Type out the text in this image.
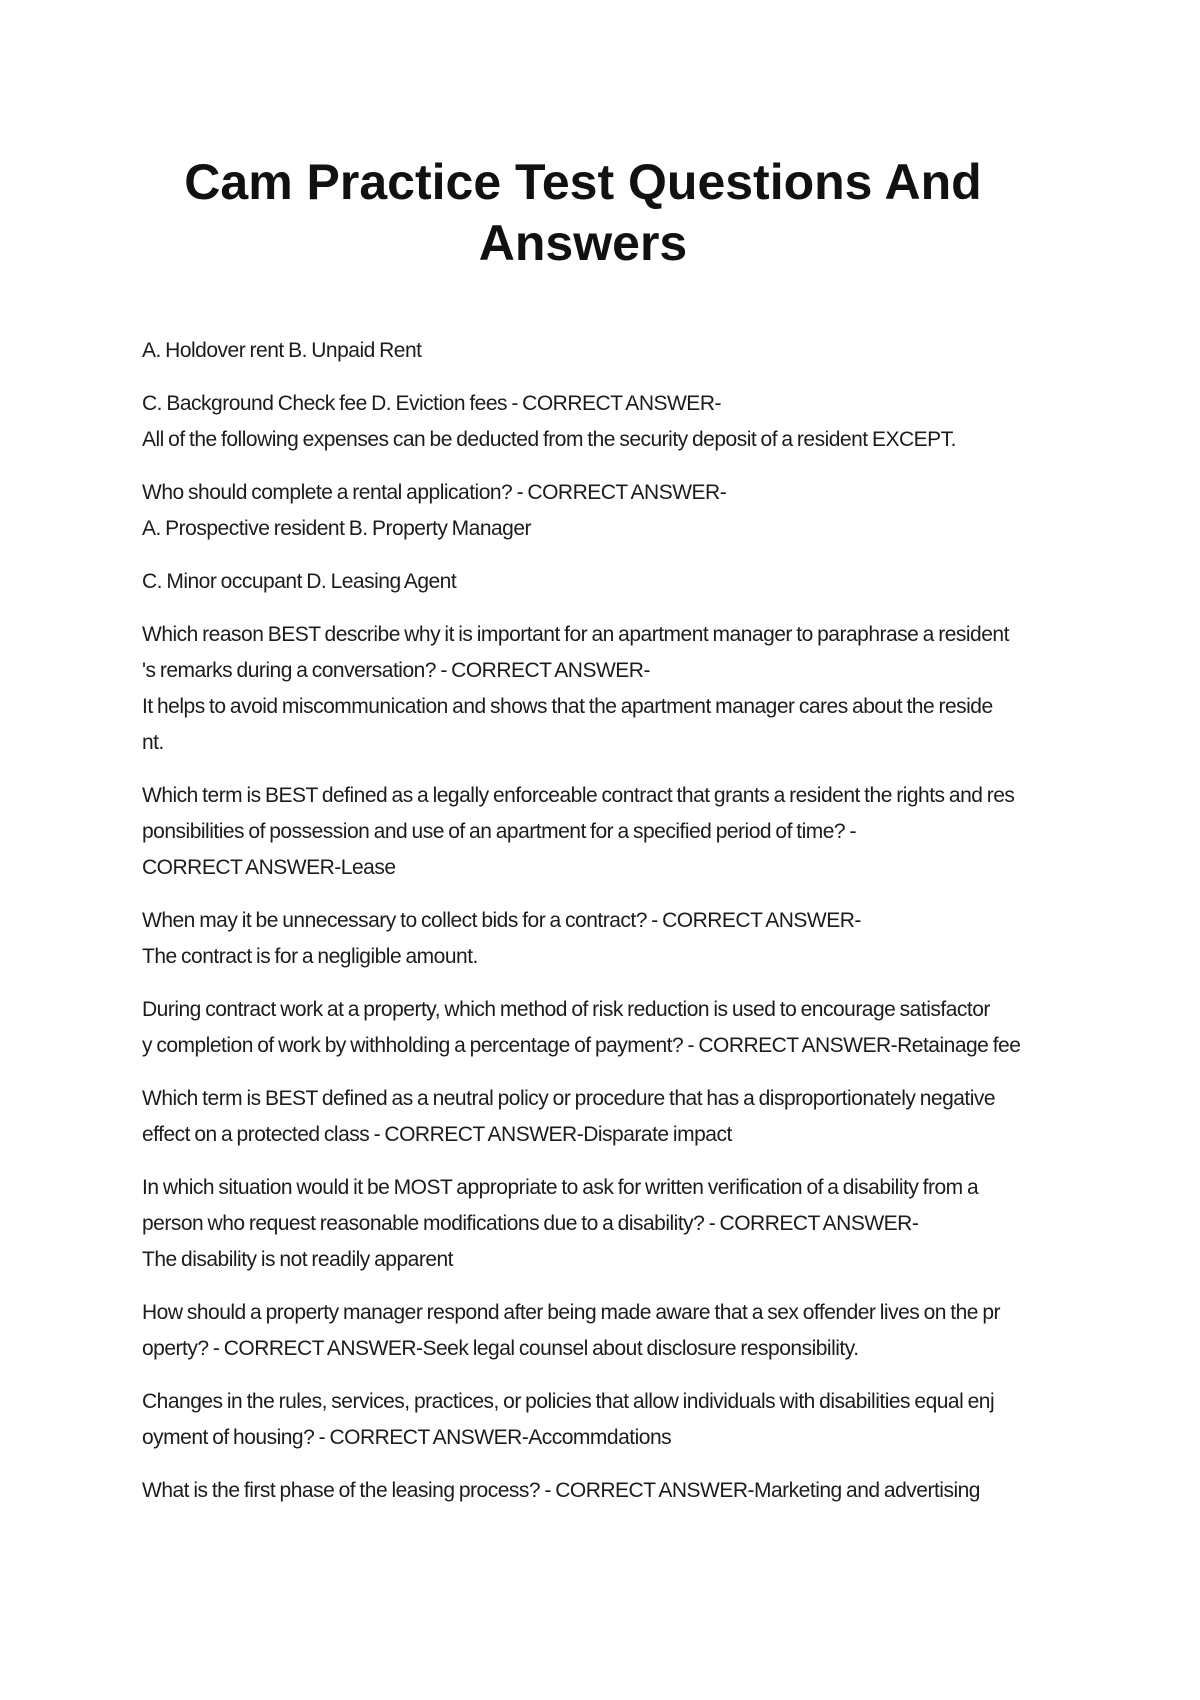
Cam Practice Test Questions And Answers

A. Holdover rent B. Unpaid Rent

C. Background Check fee D. Eviction fees - CORRECT ANSWER-
All of the following expenses can be deducted from the security deposit of a resident EXCEPT.

Who should complete a rental application? - CORRECT ANSWER-
A. Prospective resident B. Property Manager

C. Minor occupant D. Leasing Agent

Which reason BEST describe why it is important for an apartment manager to paraphrase a resident
's remarks during a conversation? - CORRECT ANSWER-
It helps to avoid miscommunication and shows that the apartment manager cares about the reside
nt.

Which term is BEST defined as a legally enforceable contract that grants a resident the rights and res
ponsibilities of possession and use of an apartment for a specified period of time? -
CORRECT ANSWER-Lease

When may it be unnecessary to collect bids for a contract? - CORRECT ANSWER-
The contract is for a negligible amount.

During contract work at a property, which method of risk reduction is used to encourage satisfactor
y completion of work by withholding a percentage of payment? - CORRECT ANSWER-Retainage fee

Which term is BEST defined as a neutral policy or procedure that has a disproportionately negative
effect on a protected class - CORRECT ANSWER-Disparate impact

In which situation would it be MOST appropriate to ask for written verification of a disability from a
person who request reasonable modifications due to a disability? - CORRECT ANSWER-
The disability is not readily apparent

How should a property manager respond after being made aware that a sex offender lives on the pr
operty? - CORRECT ANSWER-Seek legal counsel about disclosure responsibility.

Changes in the rules, services, practices, or policies that allow individuals with disabilities equal enj
oyment of housing? - CORRECT ANSWER-Accommdations

What is the first phase of the leasing process? - CORRECT ANSWER-Marketing and advertising
